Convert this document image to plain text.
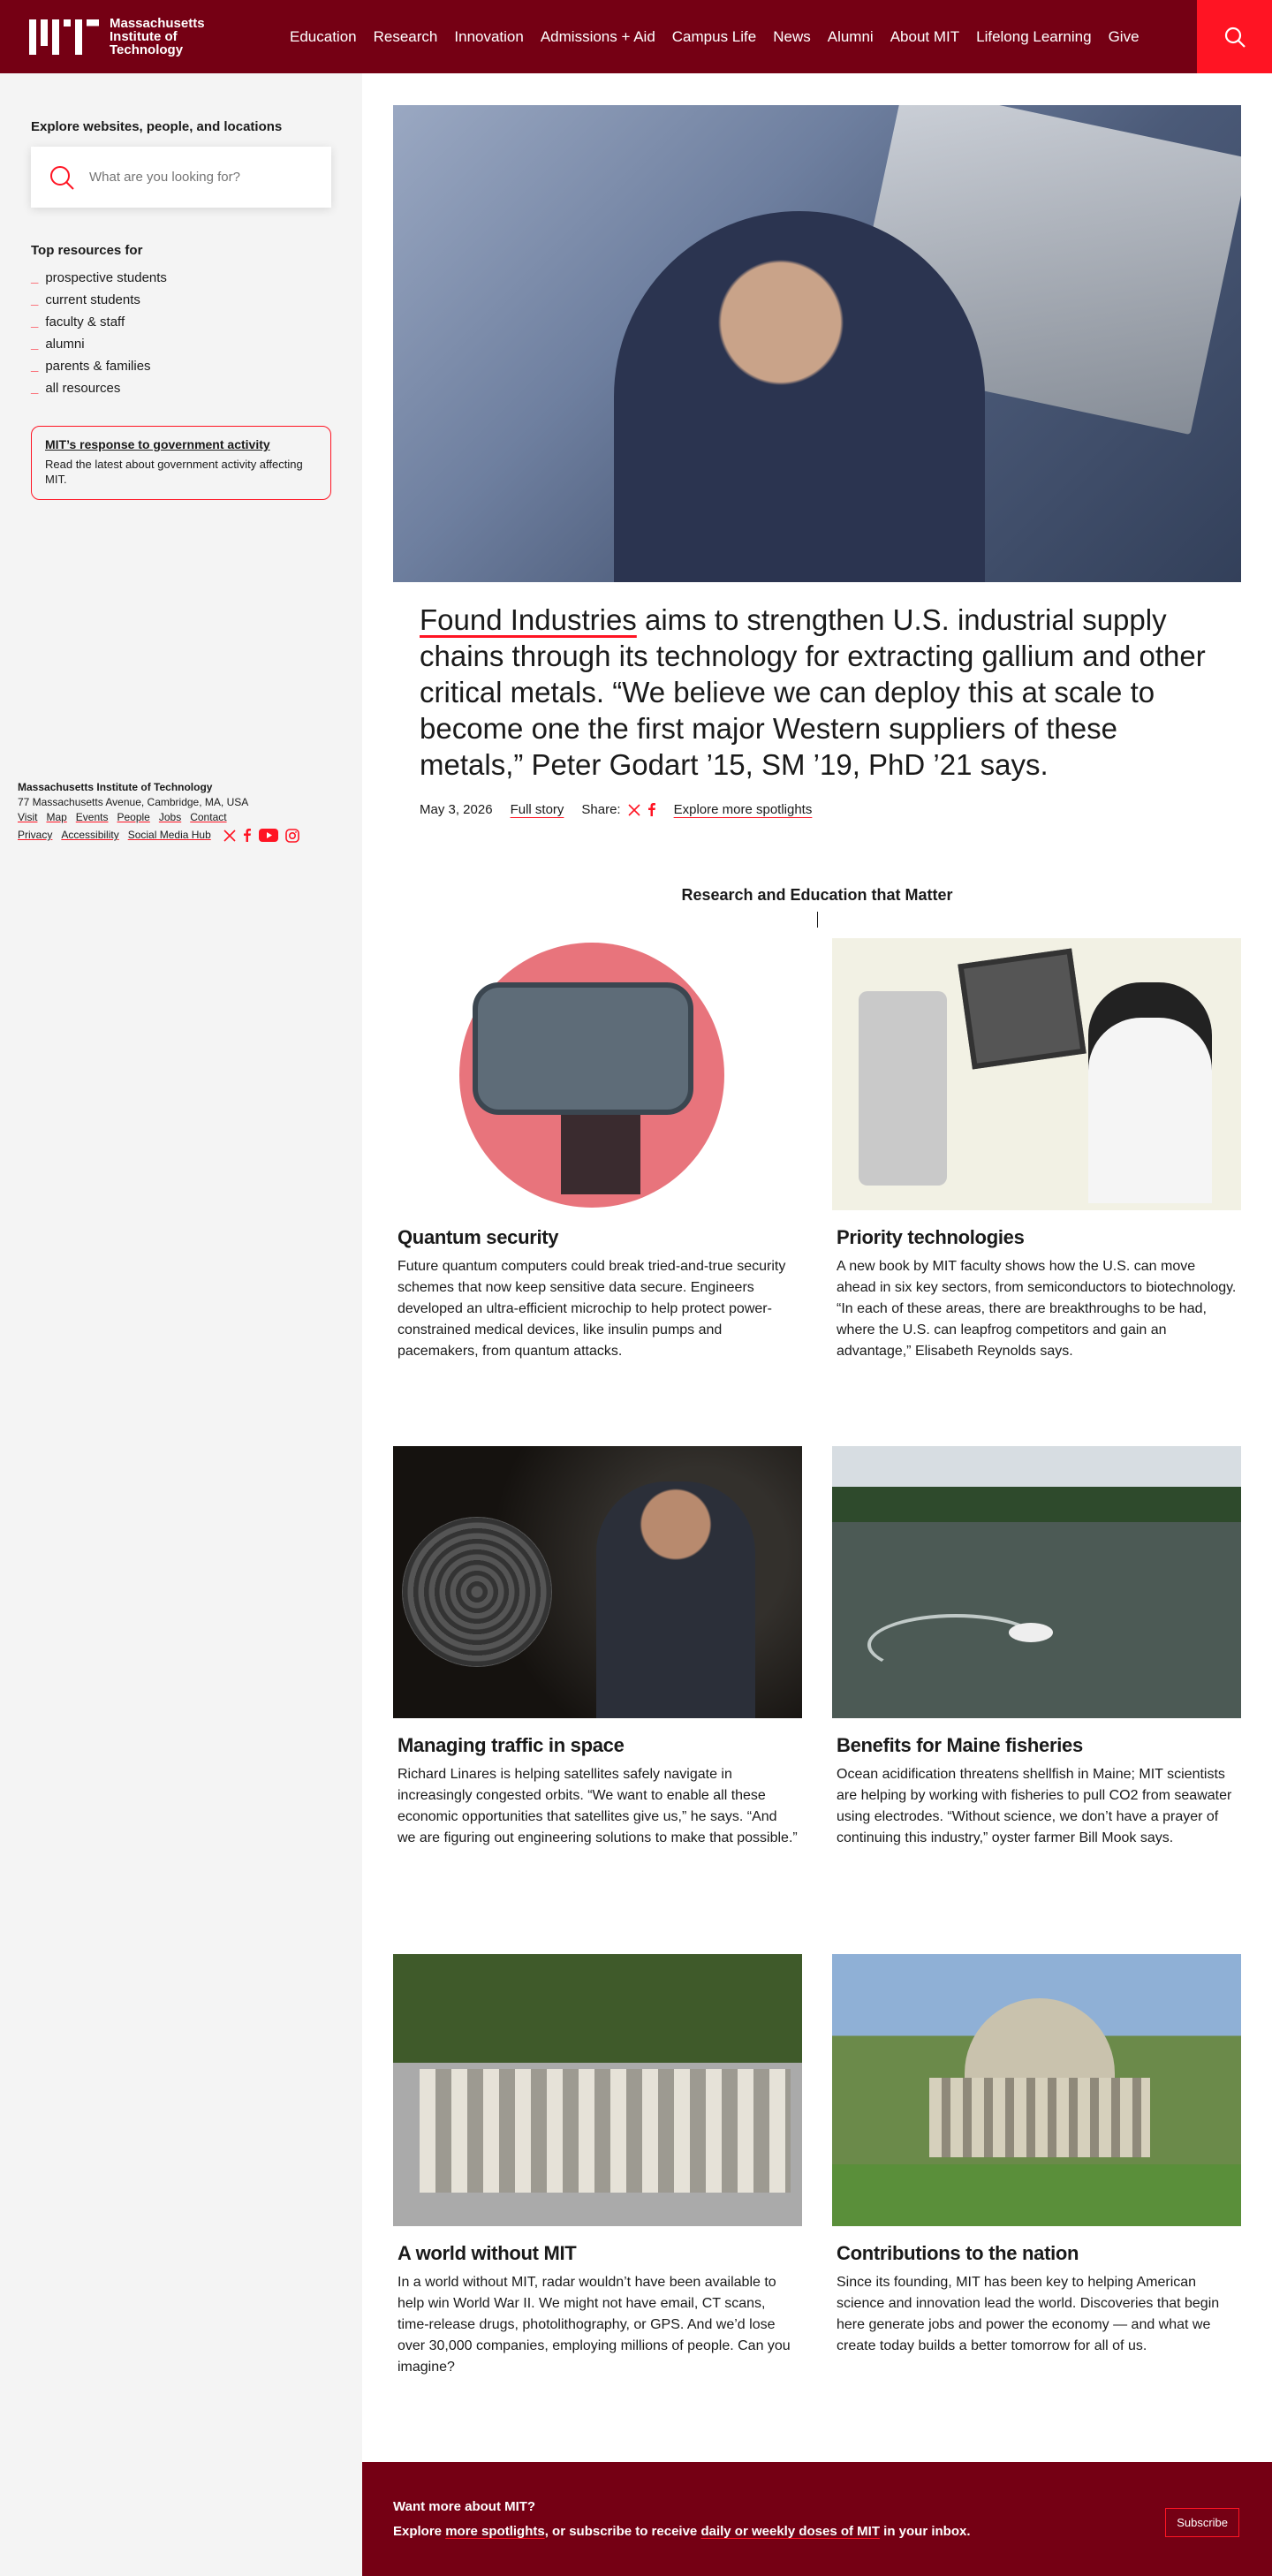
Massachusetts Institute of Technology
Education Research Innovation Admissions + Aid Campus Life News Alumni About MIT Lifelong Learning Give
Explore websites, people, and locations
What are you looking for?
Top resources for
_ prospective students
_ current students
_ faculty & staff
_ alumni
_ parents & families
_ all resources
MIT’s response to government activity
Read the latest about government activity affecting MIT.
Massachusetts Institute of Technology
77 Massachusetts Avenue, Cambridge, MA, USA
Visit Map Events People Jobs Contact
Privacy Accessibility Social Media Hub
Found Industries aims to strengthen U.S. industrial supply chains through its technology for extracting gallium and other critical metals. “We believe we can deploy this at scale to become one the first major Western suppliers of these metals,” Peter Godart ’15, SM ’19, PhD ’21 says.
May 3, 2026 Full story Share:	Explore more spotlights
Research and Education that Matter
Quantum security

Future quantum computers could break tried-and-true security schemes that now keep sensitive data secure. Engineers developed an ultra-efficient microchip to help protect power-constrained medical devices, like insulin pumps and pacemakers, from quantum attacks.

Priority technologies

A new book by MIT faculty shows how the U.S. can move ahead in six key sectors, from semiconductors to biotechnology. “In each of these areas, there are breakthroughs to be had, where the U.S. can leapfrog competitors and gain an advantage,” Elisabeth Reynolds says.

Managing traffic in space

Richard Linares is helping satellites safely navigate in increasingly congested orbits. “We want to enable all these economic opportunities that satellites give us,” he says. “And we are figuring out engineering solutions to make that possible.”

Benefits for Maine fisheries

Ocean acidification threatens shellfish in Maine; MIT scientists are helping by working with fisheries to pull CO2 from seawater using electrodes. “Without science, we don’t have a prayer of continuing this industry,” oyster farmer Bill Mook says.

A world without MIT

In a world without MIT, radar wouldn’t have been available to help win World War II. We might not have email, CT scans, time-release drugs, photolithography, or GPS. And we’d lose over 30,000 companies, employing millions of people. Can you imagine?

Contributions to the nation

Since its founding, MIT has been key to helping American science and innovation lead the world. Discoveries that begin here generate jobs and power the economy — and what we create today builds a better tomorrow for all of us.

Want more about MIT?
Explore more spotlights, or subscribe to receive daily or weekly doses of MIT in your inbox.
Subscribe
